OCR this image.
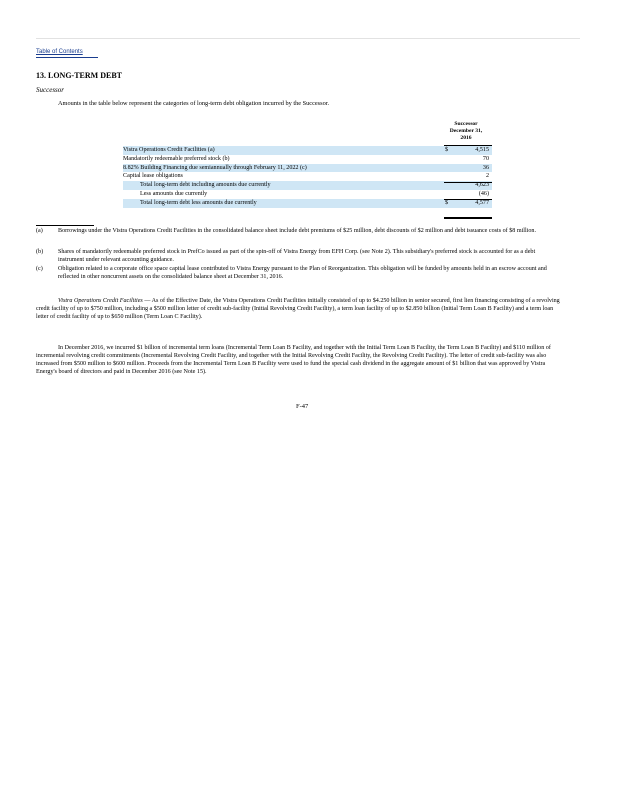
Table of Contents
13. LONG-TERM DEBT
Successor
Amounts in the table below represent the categories of long-term debt obligation incurred by the Successor.
Successor
December 31,
2016
Vistra Operations Credit Facilities (a)	$	4,515
Mandatorily redeemable preferred stock (b)	70
8.82% Building Financing due semiannually through February 11, 2022 (c)	36
Capital lease obligations	2
Total long-term debt including amounts due currently	4,623
Less amounts due currently	(46)
Total long-term debt less amounts due currently	$	4,577
(a) Borrowings under the Vistra Operations Credit Facilities in the consolidated balance sheet include debt premiums of $25 million, debt discounts of $2 million and debt issuance costs of $8 million.
(b) Shares of mandatorily redeemable preferred stock in PrefCo issued as part of the spin-off of Vistra Energy from EFH Corp. (see Note 2). This subsidiary's preferred stock is accounted for as a debt instrument under relevant accounting guidance.
(c) Obligation related to a corporate office space capital lease contributed to Vistra Energy pursuant to the Plan of Reorganization. This obligation will be funded by amounts held in an escrow account and reflected in other noncurrent assets on the consolidated balance sheet at December 31, 2016.
Vistra Operations Credit Facilities — As of the Effective Date, the Vistra Operations Credit Facilities initially consisted of up to $4.250 billion in senior secured, first lien financing consisting of a revolving credit facility of up to $750 million, including a $500 million letter of credit sub-facility (Initial Revolving Credit Facility), a term loan facility of up to $2.850 billion (Initial Term Loan B Facility) and a term loan letter of credit facility of up to $650 million (Term Loan C Facility).
In December 2016, we incurred $1 billion of incremental term loans (Incremental Term Loan B Facility, and together with the Initial Term Loan B Facility, the Term Loan B Facility) and $110 million of incremental revolving credit commitments (Incremental Revolving Credit Facility, and together with the Initial Revolving Credit Facility, the Revolving Credit Facility). The letter of credit sub-facility was also increased from $500 million to $600 million. Proceeds from the Incremental Term Loan B Facility were used to fund the special cash dividend in the aggregate amount of $1 billion that was approved by Vistra Energy's board of directors and paid in December 2016 (see Note 15).
F-47
